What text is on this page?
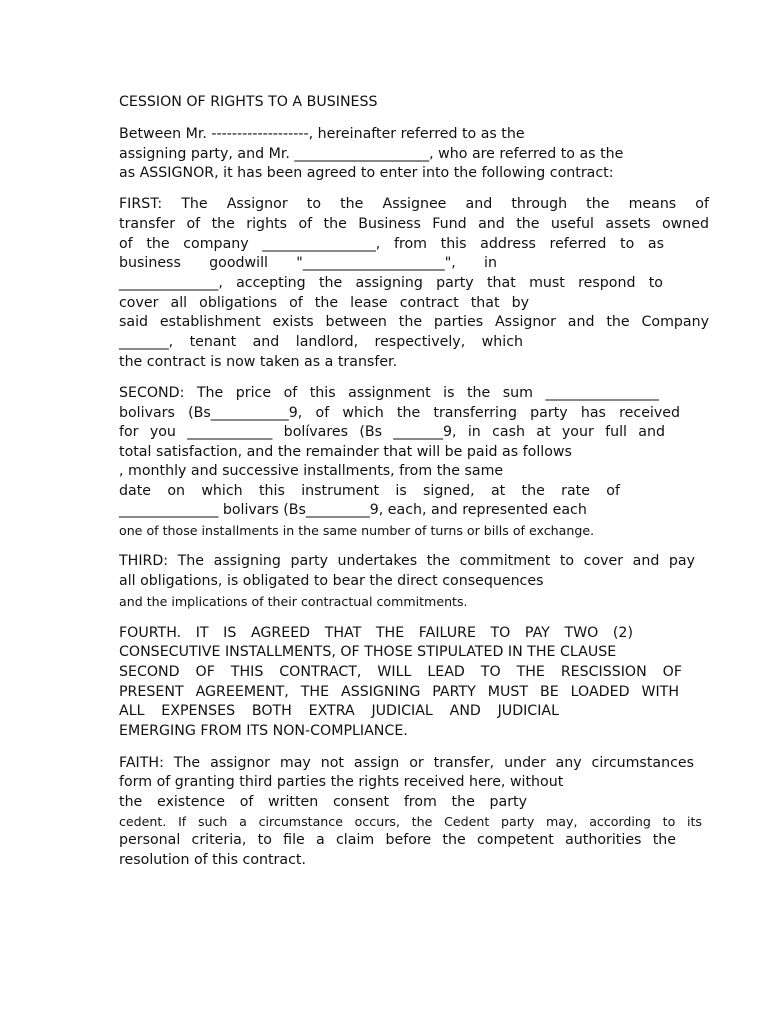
CESSION OF RIGHTS TO A BUSINESS

Between Mr. -------------------, hereinafter referred to as the

assigning party, and Mr. ___________________, who are referred to as the

as ASSIGNOR, it has been agreed to enter into the following contract:

FIRST: The Assignor to the Assignee and through the means of

transfer of the rights of the Business Fund and the useful assets owned

of the company ________________, from this address referred to as

business goodwill "____________________", in

______________, accepting the assigning party that must respond to

cover all obligations of the lease contract that by

said establishment exists between the parties Assignor and the Company

_______, tenant and landlord, respectively, which

the contract is now taken as a transfer.

SECOND: The price of this assignment is the sum ________________

bolivars (Bs___________9, of which the transferring party has received

for you ____________ bolívares (Bs _______9, in cash at your full and

total satisfaction, and the remainder that will be paid as follows

, monthly and successive installments, from the same

date on which this instrument is signed, at the rate of

______________ bolivars (Bs_________9, each, and represented each

one of those installments in the same number of turns or bills of exchange.

THIRD: The assigning party undertakes the commitment to cover and pay

all obligations, is obligated to bear the direct consequences

and the implications of their contractual commitments.

FOURTH. IT IS AGREED THAT THE FAILURE TO PAY TWO (2)

CONSECUTIVE INSTALLMENTS, OF THOSE STIPULATED IN THE CLAUSE

SECOND OF THIS CONTRACT, WILL LEAD TO THE RESCISSION OF

PRESENT AGREEMENT, THE ASSIGNING PARTY MUST BE LOADED WITH

ALL EXPENSES BOTH EXTRA JUDICIAL AND JUDICIAL

EMERGING FROM ITS NON-COMPLIANCE.

FAITH: The assignor may not assign or transfer, under any circumstances

form of granting third parties the rights received here, without

the existence of written consent from the party

cedent. If such a circumstance occurs, the Cedent party may, according to its

personal criteria, to file a claim before the competent authorities the

resolution of this contract.
